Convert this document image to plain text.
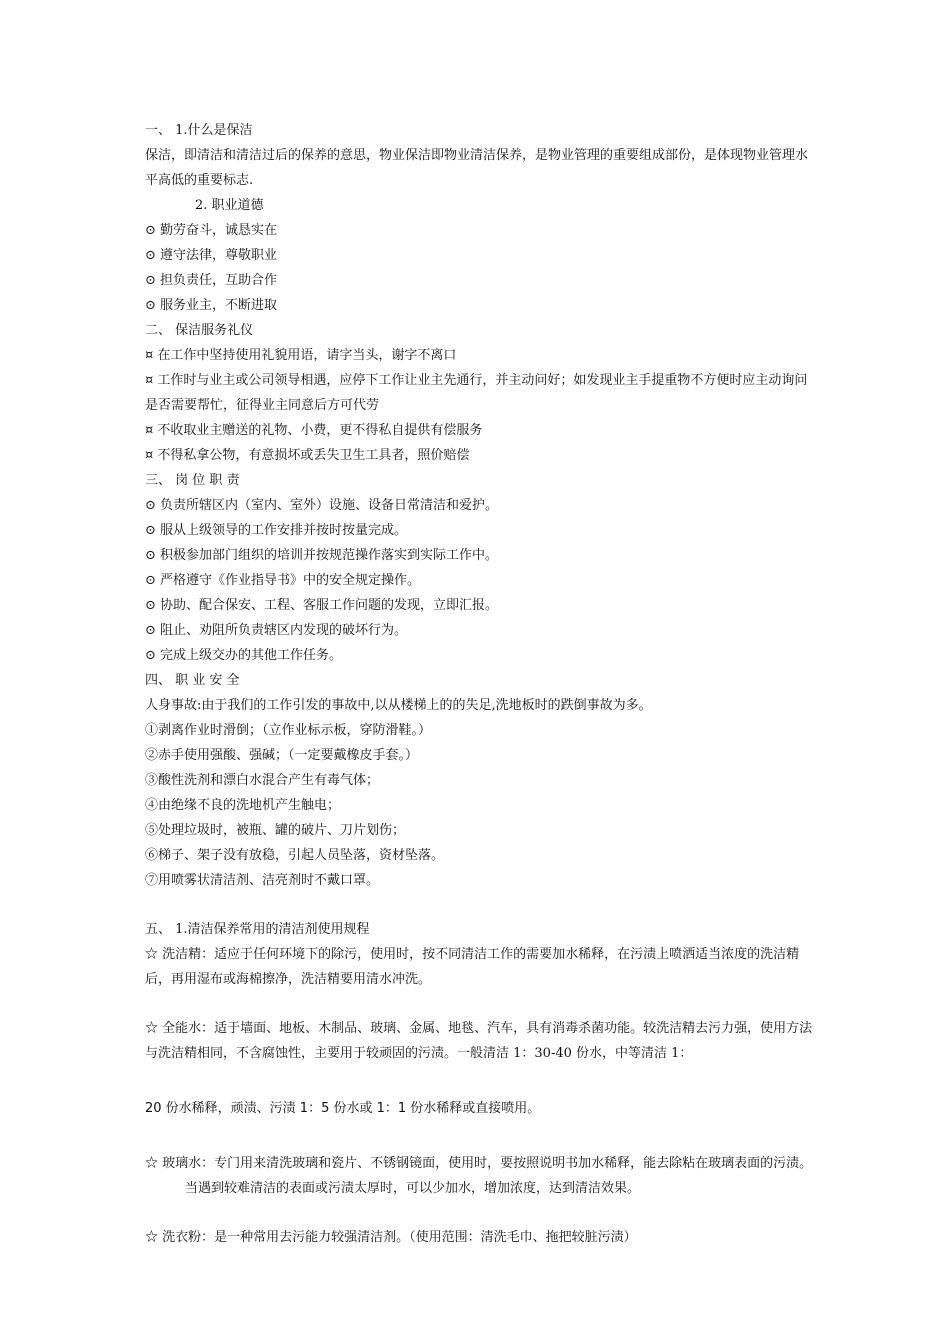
一、 1.什么是保洁
保洁，即清洁和清洁过后的保养的意思，物业保洁即物业清洁保养，是物业管理的重要组成部份，是体现物业管理水平高低的重要标志.
2. 职业道德
⊙ 勤劳奋斗，诚恳实在
⊙ 遵守法律，尊敬职业
⊙ 担负责任，互助合作
⊙ 服务业主，不断进取
二、 保洁服务礼仪
¤ 在工作中坚持使用礼貌用语，请字当头，谢字不离口
¤ 工作时与业主或公司领导相遇，应停下工作让业主先通行，并主动问好；如发现业主手提重物不方便时应主动询问是否需要帮忙，征得业主同意后方可代劳
¤ 不收取业主赠送的礼物、小费，更不得私自提供有偿服务
¤ 不得私拿公物，有意损坏或丢失卫生工具者，照价赔偿
三、 岗 位 职 责
⊙ 负责所辖区内（室内、室外）设施、设备日常清洁和爱护。
⊙ 服从上级领导的工作安排并按时按量完成。
⊙ 积极参加部门组织的培训并按规范操作落实到实际工作中。
⊙ 严格遵守《作业指导书》中的安全规定操作。
⊙ 协助、配合保安、工程、客服工作问题的发现，立即汇报。
⊙ 阻止、劝阻所负责辖区内发现的破坏行为。
⊙ 完成上级交办的其他工作任务。
四、 职 业 安 全
人身事故:由于我们的工作引发的事故中,以从楼梯上的的失足,洗地板时的跌倒事故为多。
①剥离作业时滑倒；（立作业标示板，穿防滑鞋。）
②赤手使用强酸、强碱；（一定要戴橡皮手套。）
③酸性洗剂和漂白水混合产生有毒气体；
④由绝缘不良的洗地机产生触电；
⑤处理垃圾时，被瓶、罐的破片、刀片划伤；
⑥梯子、架子没有放稳，引起人员坠落，资材坠落。
⑦用喷雾状清洁剂、洁亮剂时不戴口罩。
五、 1.清洁保养常用的清洁剂使用规程
☆ 洗洁精：适应于任何环境下的除污，使用时，按不同清洁工作的需要加水稀释，在污渍上喷洒适当浓度的洗洁精后，再用湿布或海棉擦净，洗洁精要用清水冲洗。
☆ 全能水：适于墙面、地板、木制品、玻璃、金属、地毯、汽车，具有消毒杀菌功能。较洗洁精去污力强，使用方法与洗洁精相同，不含腐蚀性，主要用于较顽固的污渍。一般清洁 1：30-40 份水，中等清洁 1：
20 份水稀释，顽渍、污渍 1：5 份水或 1：1 份水稀释或直接喷用。
☆ 玻璃水：专门用来清洗玻璃和瓷片、不锈钢镜面，使用时，要按照说明书加水稀释，能去除粘在玻璃表面的污渍。当遇到较难清洁的表面或污渍太厚时，可以少加水，增加浓度，达到清洁效果。
☆ 洗衣粉：是一种常用去污能力较强清洁剂。（使用范围：清洗毛巾、拖把较脏污渍）
